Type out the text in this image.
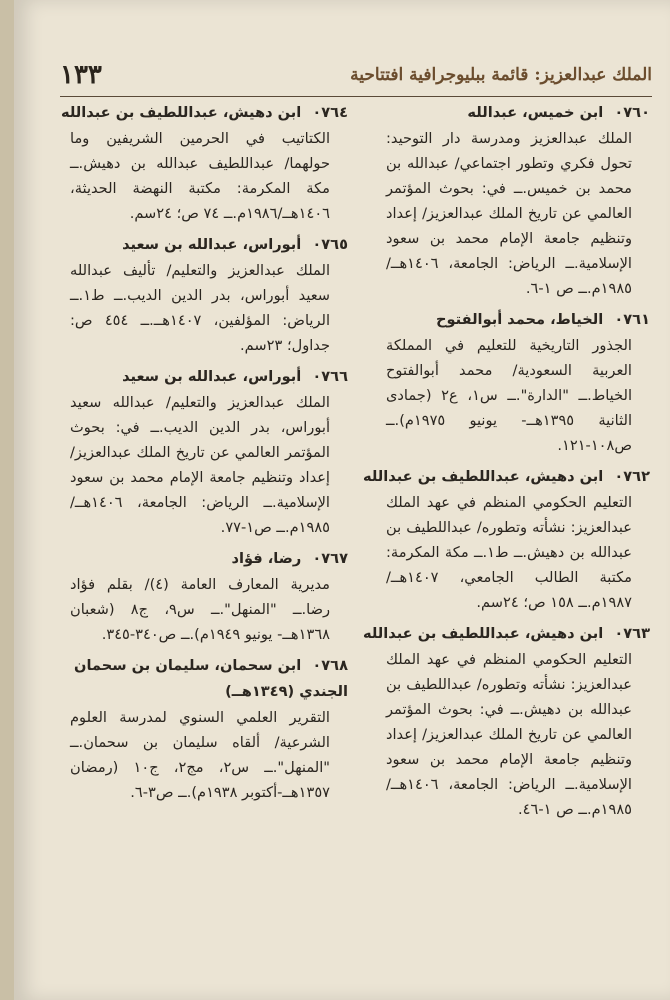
١٣٣	الملك عبدالعزيز: قائمة ببليوجرافية افتتاحية
٠٧٦٠ ابن خميس، عبدالله
الملك عبدالعزيز ومدرسة دار التوحيد: تحول فكري وتطور اجتماعي/ عبدالله بن محمد بن خميس.ــ في: بحوث المؤتمر العالمي عن تاريخ الملك عبدالعزيز/ إعداد وتنظيم جامعة الإمام محمد بن سعود الإسلامية.ــ الرياض: الجامعة، ١٤٠٦هــ/١٩٨٥م.ــ ص ١-٦.
٠٧٦١ الخياط، محمد أبوالفتوح
الجذور التاريخية للتعليم في المملكة العربية السعودية/ محمد أبوالفتوح الخياط.ــ "الدارة".ــ س١، ع٢ (جمادى الثانية ١٣٩٥هــ- يونيو ١٩٧٥م).ــ ص١٠٨-١٢١.
٠٧٦٢ ابن دهيش، عبداللطيف بن عبدالله
التعليم الحكومي المنظم في عهد الملك عبدالعزيز: نشأته وتطوره/ عبداللطيف بن عبدالله بن دهيش.ــ ط١.ــ مكة المكرمة: مكتبة الطالب الجامعي، ١٤٠٧هــ/١٩٨٧م.ــ ١٥٨ ص؛ ٢٤سم.
٠٧٦٣ ابن دهيش، عبداللطيف بن عبدالله
التعليم الحكومي المنظم في عهد الملك عبدالعزيز: نشأته وتطوره/ عبداللطيف بن عبدالله بن دهيش.ــ في: بحوث المؤتمر العالمي عن تاريخ الملك عبدالعزيز/ إعداد وتنظيم جامعة الإمام محمد بن سعود الإسلامية.ــ الرياض: الجامعة، ١٤٠٦هــ/١٩٨٥م.ــ ص ١-٤٦.
٠٧٦٤ ابن دهيش، عبداللطيف بن عبدالله
الكتاتيب في الحرمين الشريفين وما حولهما/ عبداللطيف عبدالله بن دهيش.ــ مكة المكرمة: مكتبة النهضة الحديثة، ١٤٠٦هــ/١٩٨٦م.ــ ٧٤ ص؛ ٢٤سم.
٠٧٦٥ أبوراس، عبدالله بن سعيد
الملك عبدالعزيز والتعليم/ تأليف عبدالله سعيد أبوراس، بدر الدين الديب.ــ ط١.ــ الرياض: المؤلفين، ١٤٠٧هــ.ــ ٤٥٤ ص: جداول؛ ٢٣سم.
٠٧٦٦ أبوراس، عبدالله بن سعيد
الملك عبدالعزيز والتعليم/ عبدالله سعيد أبوراس، بدر الدين الديب.ــ في: بحوث المؤتمر العالمي عن تاريخ الملك عبدالعزيز/ إعداد وتنظيم جامعة الإمام محمد بن سعود الإسلامية.ــ الرياض: الجامعة، ١٤٠٦هــ/١٩٨٥م.ــ ص١-٧٧.
٠٧٦٧ رضا، فؤاد
مديرية المعارف العامة (٤)/ بقلم فؤاد رضا.ــ "المنهل".ــ س٩، ج٨ (شعبان ١٣٦٨هــ- يونيو ١٩٤٩م).ــ ص٣٤٠-٣٤٥.
٠٧٦٨ ابن سحمان، سليمان بن سحمان الجندي (١٣٤٩هــ)
التقرير العلمي السنوي لمدرسة العلوم الشرعية/ ألقاه سليمان بن سحمان.ــ "المنهل".ــ س٢، مج٢، ج١٠ (رمضان ١٣٥٧هــ-أكتوبر ١٩٣٨م).ــ ص٣-٦.
